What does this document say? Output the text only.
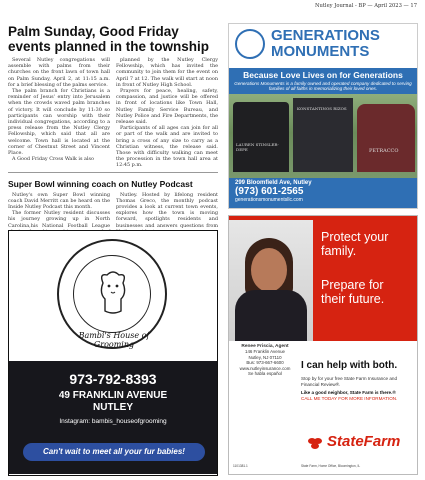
Nutley Journal - BP — April 2023 — 17
Palm Sunday, Good Friday events planned in the township

Several Nutley congregations will assemble with palms from their churches on the front lawn of town hall on Palm Sunday, April 2, at 11:15 a.m. for a brief blessing of the palms service.

The palm branch for Christians is a reminder of Jesus' entry into Jerusalem when the crowds waved palm branches of victory. It will conclude by 11:30 so participants can worship with their individual congregations, according to a press release from the Nutley Clergy Fellowship, which said that all are welcome. Town hall is located at the corner of Chestnut Street and Vincent Place.

A Good Friday Cross Walk is also

planned by the Nutley Clergy Fellowship, which has invited the community to join them for the event on April 7 at 12. The walk will start at noon in front of Nutley High School.

Prayers for peace, healing, safety, compassion, and justice will be offered in front of locations like Town Hall, Nutley Family Service Bureau, and Nutley Police and Fire Departments, the release said.

Participants of all ages can join for all or part of the walk and are invited to bring a cross of any size to carry as a Christian witness, the release said. Those with difficulty walking can meet the procession in the town hall area at 12:45 p.m.

Super Bowl winning coach on Nutley Podcast

Nutley's own Super Bowl winning coach David Merritt can be heard on the Inside Nutley Podcast this month.

The former Nutley resident discusses his journey growing up in North Carolina,his National Football League

Nutley. Hosted by lifelong resident Thomas Greco, the monthly podcast provides a look at current town events, explores how the town is moving forward, spotlights residents and businesses and answers questions from

Bambi's House of Grooming
973-792-8393
49 FRANKLIN AVENUE
NUTLEY
Instagram: bambis_houseofgrooming
Can't wait to meet all your fur babies!
GENERATIONS
MONUMENTS
Because Love Lives on for Generations
Generations Monuments is a family owned and operated company dedicated to serving families of all faiths in memorializing their loved ones.
LAUREN STINSLER-DEPE
KONSTANTINOS RIZOS
PETRACCO
299 Bloomfield Ave, Nutley
(973) 601-2565
generationsmonumentsllc.com
Protect your family.
Prepare for their future.
Renee Friscia, Agent
146 Franklin Avenue
Nutley, NJ 07110
Bus: 973-667-6600
www.nutleyinsurance.com
Se habla español
I can help with both.
Stop by for your free State Farm Insurance and Financial Review®.
Like a good neighbor, State Farm is there.®
CALL ME TODAY FOR MORE INFORMATION.
StateFarm
1101381.1	State Farm, Home Office, Bloomington, IL
